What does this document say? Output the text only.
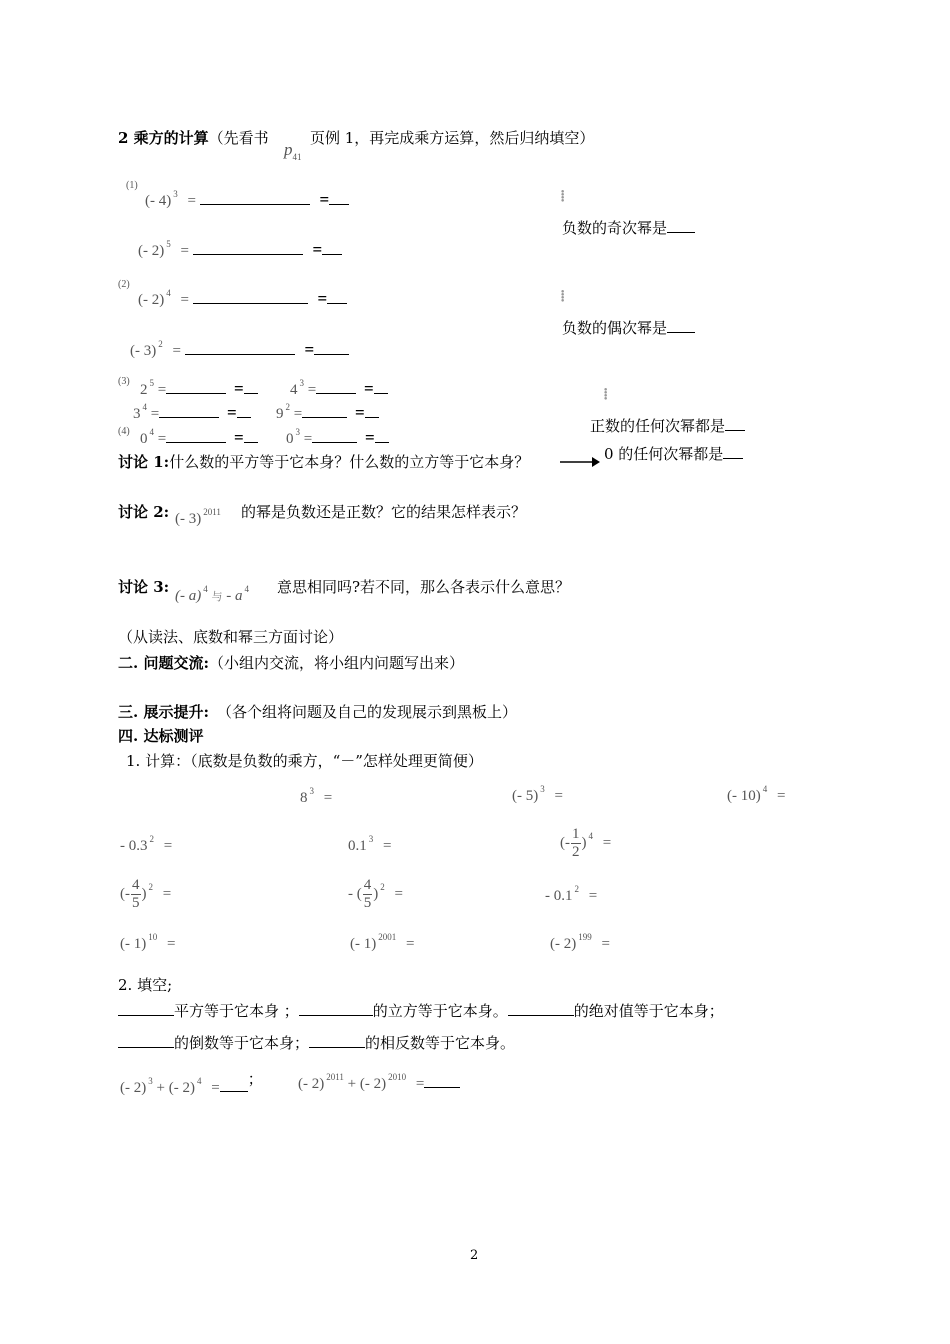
2 乘方的计算（先看书
$p_{41}$
页例 1，再完成乘方运算，然后归纳填空）
(1)
(- 4) $^3$ =	=
(- 2) $^5$ =	=
⁞
负数的奇次幂是
(2)
(- 2) $^4$ =	=
(- 3) $^2$ =	=
⁞
负数的偶次幂是
(3)
2 $^5$ =	=	4 $^3$ =	=
3 $^4$ =	=	9 $^2$ =	=
⁞
正数的任何次幂都是
(4) 0 $^4$ =	=	0 $^3$ =	=
0 的任何次幂都是
讨论 1:什么数的平方等于它本身？什么数的立方等于它本身？
讨论 2: (- 3) $^{2011}$ 的幂是负数还是正数？它的结果怎样表示？
讨论 3: (- a) $^4$ 与 - a $^4$ 意思相同吗?若不同，那么各表示什么意思？
（从读法、底数和幂三方面讨论）
二. 问题交流:（小组内交流，将小组内问题写出来）
三. 展示提升: （各个组将问题及自己的发现展示到黑板上）
四. 达标测评
1. 计算：（底数是负数的乘方，“－”怎样处理更简便）
8 $^3$ =	(- 5) $^3$ =	(- 10) $^4$ =
- 0.3 $^2$ =	0.1 $^3$ =	(- $\frac{1}{2}$ ) $^4$ =
(- $\frac{4}{5}$ ) $^2$ =	- ( $\frac{4}{5}$ ) $^2$ =	- 0.1 $^2$ =
(- 1) $^{10}$ =	(- 1) $^{2001}$ =	(- 2) $^{199}$ =
2. 填空;
平方等于它本身 ；	的立方等于它本身。	的绝对值等于它本身；
的倒数等于它本身；	的相反数等于它本身。
(- 2) $^3$ + (- 2) $^4$ = ； (- 2) $^{2011}$ + (- 2) $^{2010}$ =
2
